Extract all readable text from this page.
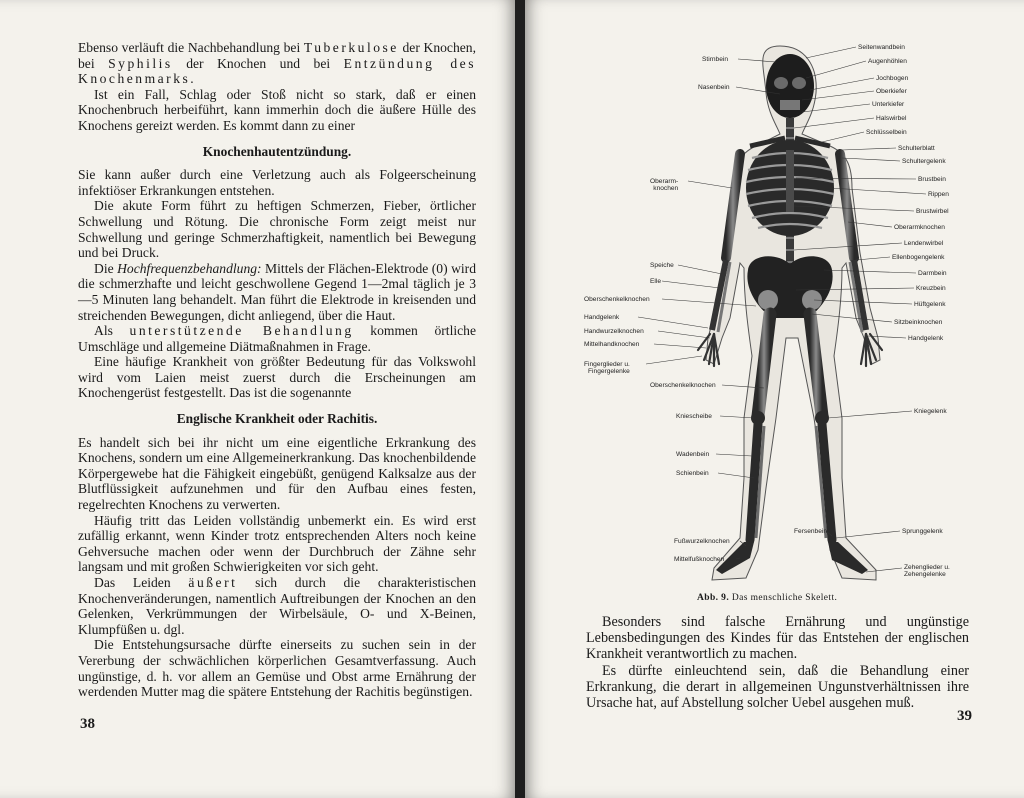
Ebenso verläuft die Nachbehandlung bei Tuberkulose der Knochen, bei Syphilis der Knochen und bei Entzündung des Knochenmarks.

Ist ein Fall, Schlag oder Stoß nicht so stark, daß er einen Knochenbruch herbeiführt, kann immerhin doch die äußere Hülle des Knochens gereizt werden. Es kommt dann zu einer

Knochenhautentzündung.

Sie kann außer durch eine Verletzung auch als Folgeerscheinung infektiöser Erkrankungen entstehen.

Die akute Form führt zu heftigen Schmerzen, Fieber, örtlicher Schwellung und Rötung. Die chronische Form zeigt meist nur Schwellung und geringe Schmerzhaftigkeit, namentlich bei Bewegung und bei Druck.

Die Hochfrequenzbehandlung: Mittels der Flächen-Elektrode (0) wird die schmerzhafte und leicht geschwollene Gegend 1—2mal täglich je 3—5 Minuten lang behandelt. Man führt die Elektrode in kreisenden und streichenden Bewegungen, dicht anliegend, über die Haut.

Als unterstützende Behandlung kommen örtliche Umschläge und allgemeine Diätmaßnahmen in Frage.

Eine häufige Krankheit von größter Bedeutung für das Volkswohl wird vom Laien meist zuerst durch die Erscheinungen am Knochengerüst festgestellt. Das ist die sogenannte

Englische Krankheit oder Rachitis.

Es handelt sich bei ihr nicht um eine eigentliche Erkrankung des Knochens, sondern um eine Allgemeinerkrankung. Das knochenbildende Körpergewebe hat die Fähigkeit eingebüßt, genügend Kalksalze aus der Blutflüssigkeit aufzunehmen und für den Aufbau eines festen, regelrechten Knochens zu verwerten.

Häufig tritt das Leiden vollständig unbemerkt ein. Es wird erst zufällig erkannt, wenn Kinder trotz entsprechenden Alters noch keine Gehversuche machen oder wenn der Durchbruch der Zähne sehr langsam und mit großen Schwierigkeiten vor sich geht.

Das Leiden äußert sich durch die charakteristischen Knochenveränderungen, namentlich Auftreibungen der Knochen an den Gelenken, Verkrümmungen der Wirbelsäule, O- und X-Beinen, Klumpfüßen u. dgl.

Die Entstehungsursache dürfte einerseits zu suchen sein in der Vererbung der schwächlichen körperlichen Gesamtverfassung. Auch ungünstige, d. h. vor allem an Gemüse und Obst arme Ernährung der werdenden Mutter mag die spätere Entstehung der Rachitis begünstigen.

38
Stirnbein
Nasenbein
Oberarm-
knochen
Speiche
Elle
Oberschenkelknochen
Handgelenk
Handwurzelknochen
Mittelhandknochen
Fingerglieder u.
Fingergelenke
Oberschenkelknochen
Kniescheibe
Wadenbein
Schienbein
Fersenbein
Fußwurzelknochen
Mittelfußknochen
Seitenwandbein
Augenhöhlen
Jochbogen
Oberkiefer
Unterkiefer
Halswirbel
Schlüsselbein
Schulterblatt
Schultergelenk
Brustbein
Rippen
Brustwirbel
Oberarmknochen
Lendenwirbel
Ellenbogengelenk
Darmbein
Kreuzbein
Hüftgelenk
Sitzbeinknochen
Handgelenk
Kniegelenk
Sprunggelenk
Zehenglieder u.
Zehengelenke
Abb. 9. Das menschliche Skelett.

Besonders sind falsche Ernährung und ungünstige Lebensbedingungen des Kindes für das Entstehen der englischen Krankheit verantwortlich zu machen.

Es dürfte einleuchtend sein, daß die Behandlung einer Erkrankung, die derart in allgemeinen Ungunstverhältnissen ihre Ursache hat, auf Abstellung solcher Uebel ausgehen muß.

39
